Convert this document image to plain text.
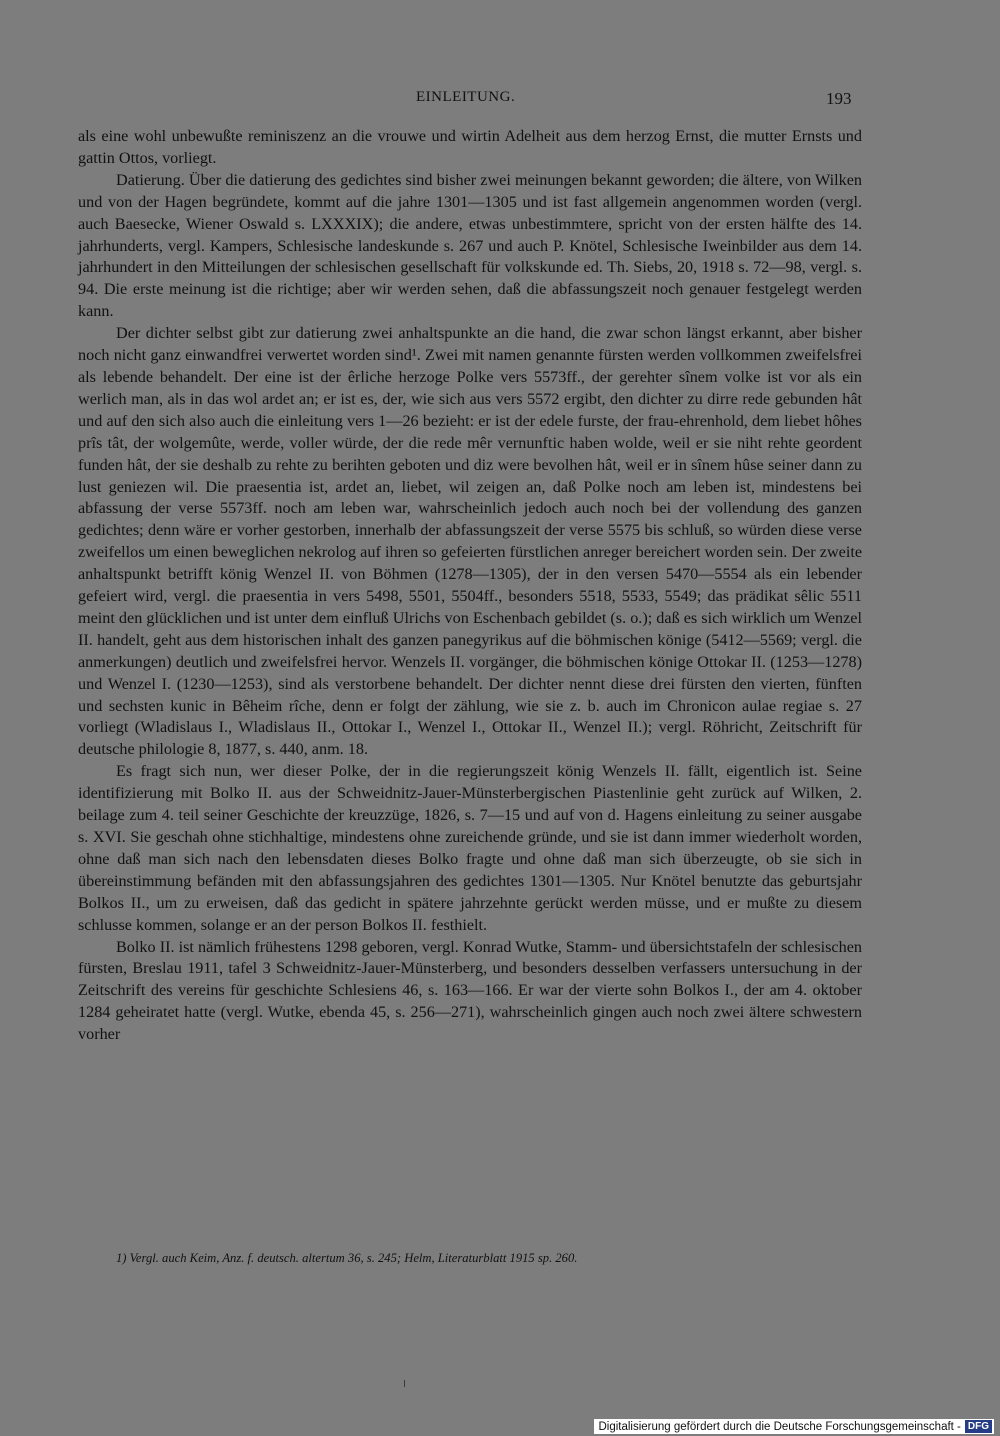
EINLEITUNG.	193

als eine wohl unbewußte reminiszenz an die vrouwe und wirtin Adelheit aus dem herzog Ernst, die mutter Ernsts und gattin Ottos, vorliegt.

Datierung. Über die datierung des gedichtes sind bisher zwei meinungen bekannt geworden; die ältere, von Wilken und von der Hagen begründete, kommt auf die jahre 1301—1305 und ist fast allgemein angenommen worden (vergl. auch Baesecke, Wiener Oswald s. LXXXIX); die andere, etwas unbestimmtere, spricht von der ersten hälfte des 14. jahrhunderts, vergl. Kampers, Schlesische landeskunde s. 267 und auch P. Knötel, Schlesische Iweinbilder aus dem 14. jahrhundert in den Mitteilungen der schlesischen gesellschaft für volkskunde ed. Th. Siebs, 20, 1918 s. 72—98, vergl. s. 94. Die erste meinung ist die richtige; aber wir werden sehen, daß die abfassungszeit noch genauer festgelegt werden kann.

Der dichter selbst gibt zur datierung zwei anhaltspunkte an die hand, die zwar schon längst erkannt, aber bisher noch nicht ganz einwandfrei verwertet worden sind¹. Zwei mit namen genannte fürsten werden vollkommen zweifelsfrei als lebende behandelt. Der eine ist der êrliche herzoge Polke vers 5573ff., der gerehter sînem volke ist vor als ein werlich man, als in das wol ardet an; er ist es, der, wie sich aus vers 5572 ergibt, den dichter zu dirre rede gebunden hât und auf den sich also auch die einleitung vers 1—26 bezieht: er ist der edele furste, der frau-ehrenhold, dem liebet hôhes prîs tât, der wolgemûte, werde, voller würde, der die rede mêr vernunftic haben wolde, weil er sie niht rehte geordent funden hât, der sie deshalb zu rehte zu berihten geboten und diz were bevolhen hât, weil er in sînem hûse seiner dann zu lust geniezen wil. Die praesentia ist, ardet an, liebet, wil zeigen an, daß Polke noch am leben ist, mindestens bei abfassung der verse 5573ff. noch am leben war, wahrscheinlich jedoch auch noch bei der vollendung des ganzen gedichtes; denn wäre er vorher gestorben, innerhalb der abfassungszeit der verse 5575 bis schluß, so würden diese verse zweifellos um einen beweglichen nekrolog auf ihren so gefeierten fürstlichen anreger bereichert worden sein. Der zweite anhaltspunkt betrifft könig Wenzel II. von Böhmen (1278—1305), der in den versen 5470—5554 als ein lebender gefeiert wird, vergl. die praesentia in vers 5498, 5501, 5504ff., besonders 5518, 5533, 5549; das prädikat sêlic 5511 meint den glücklichen und ist unter dem einfluß Ulrichs von Eschenbach gebildet (s. o.); daß es sich wirklich um Wenzel II. handelt, geht aus dem historischen inhalt des ganzen panegyrikus auf die böhmischen könige (5412—5569; vergl. die anmerkungen) deutlich und zweifelsfrei hervor. Wenzels II. vorgänger, die böhmischen könige Ottokar II. (1253—1278) und Wenzel I. (1230—1253), sind als verstorbene behandelt. Der dichter nennt diese drei fürsten den vierten, fünften und sechsten kunic in Bêheim rîche, denn er folgt der zählung, wie sie z. b. auch im Chronicon aulae regiae s. 27 vorliegt (Wladislaus I., Wladislaus II., Ottokar I., Wenzel I., Ottokar II., Wenzel II.); vergl. Röhricht, Zeitschrift für deutsche philologie 8, 1877, s. 440, anm. 18.

Es fragt sich nun, wer dieser Polke, der in die regierungszeit könig Wenzels II. fällt, eigentlich ist. Seine identifizierung mit Bolko II. aus der Schweidnitz-Jauer-Münsterbergischen Piastenlinie geht zurück auf Wilken, 2. beilage zum 4. teil seiner Geschichte der kreuzzüge, 1826, s. 7—15 und auf von d. Hagens einleitung zu seiner ausgabe s. XVI. Sie geschah ohne stichhaltige, mindestens ohne zureichende gründe, und sie ist dann immer wiederholt worden, ohne daß man sich nach den lebensdaten dieses Bolko fragte und ohne daß man sich überzeugte, ob sie sich in übereinstimmung befänden mit den abfassungsjahren des gedichtes 1301—1305. Nur Knötel benutzte das geburtsjahr Bolkos II., um zu erweisen, daß das gedicht in spätere jahrzehnte gerückt werden müsse, und er mußte zu diesem schlusse kommen, solange er an der person Bolkos II. festhielt.

Bolko II. ist nämlich frühestens 1298 geboren, vergl. Konrad Wutke, Stamm- und übersichtstafeln der schlesischen fürsten, Breslau 1911, tafel 3 Schweidnitz-Jauer-Münsterberg, und besonders desselben verfassers untersuchung in der Zeitschrift des vereins für geschichte Schlesiens 46, s. 163—166. Er war der vierte sohn Bolkos I., der am 4. oktober 1284 geheiratet hatte (vergl. Wutke, ebenda 45, s. 256—271), wahrscheinlich gingen auch noch zwei ältere schwestern vorher

1) Vergl. auch Keim, Anz. f. deutsch. altertum 36, s. 245; Helm, Literaturblatt 1915 sp. 260.
Digitalisierung gefördert durch die Deutsche Forschungsgemeinschaft - DFG
